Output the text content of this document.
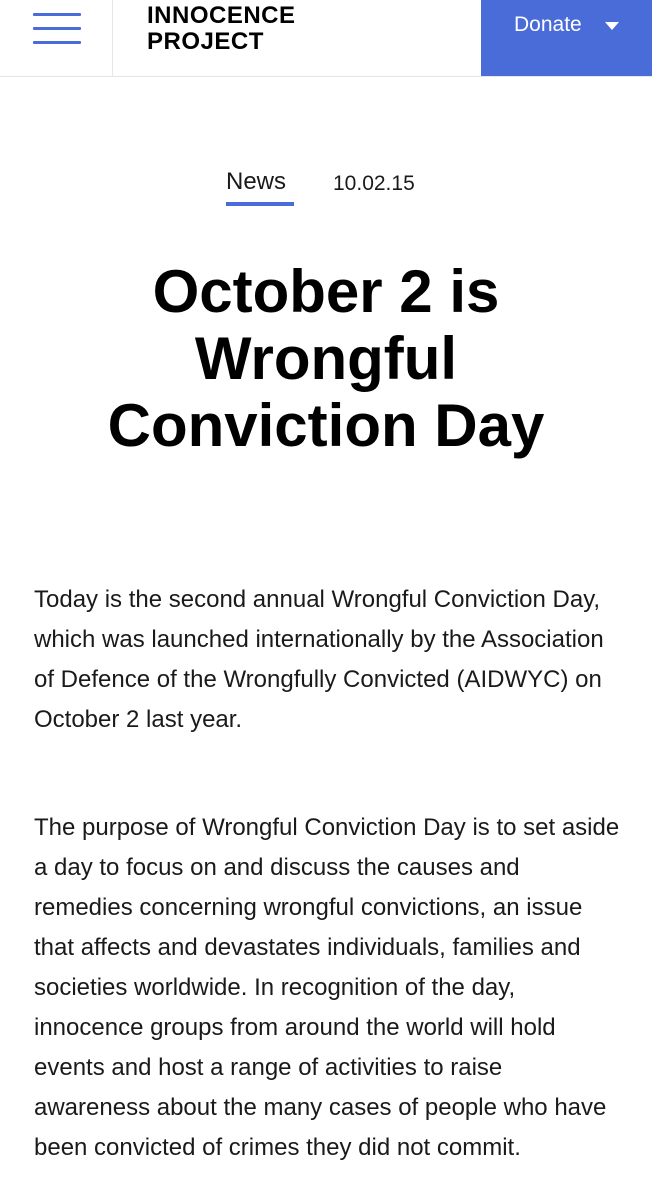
INNOCENCE
PROJECT
Donate
News 10.02.15
October 2 is Wrongful Conviction Day

Today is the second annual Wrongful Conviction Day, which was launched internationally by the Association of Defence of the Wrongfully Convicted (AIDWYC) on October 2 last year.

The purpose of Wrongful Conviction Day is to set aside a day to focus on and discuss the causes and remedies concerning wrongful convictions, an issue that affects and devastates individuals, families and societies worldwide. In recognition of the day, innocence groups from around the world will hold events and host a range of activities to raise awareness about the many cases of people who have been convicted of crimes they did not commit.
